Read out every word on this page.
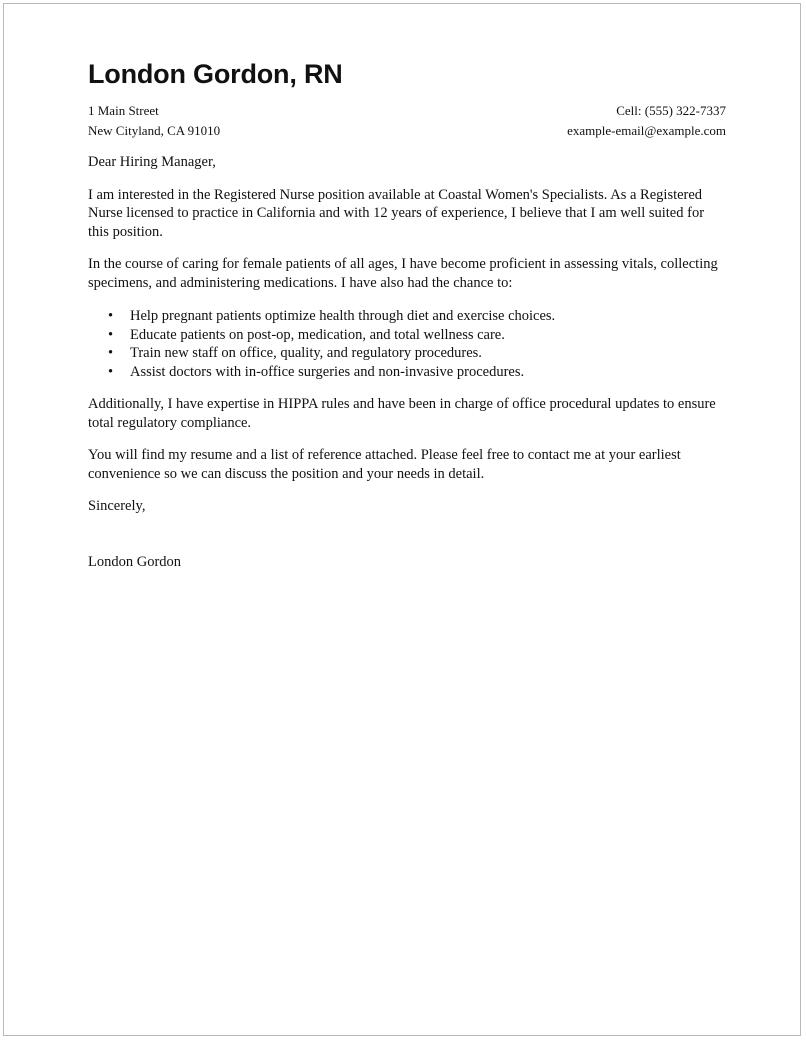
London Gordon, RN
1 Main Street	Cell: (555) 322-7337
New Cityland, CA 91010	example-email@example.com

Dear Hiring Manager,

I am interested in the Registered Nurse position available at Coastal Women's Specialists. As a Registered Nurse licensed to practice in California and with 12 years of experience, I believe that I am well suited for this position.

In the course of caring for female patients of all ages, I have become proficient in assessing vitals, collecting specimens, and administering medications. I have also had the chance to:

• Help pregnant patients optimize health through diet and exercise choices.
• Educate patients on post-op, medication, and total wellness care.
• Train new staff on office, quality, and regulatory procedures.
• Assist doctors with in-office surgeries and non-invasive procedures.

Additionally, I have expertise in HIPPA rules and have been in charge of office procedural updates to ensure total regulatory compliance.

You will find my resume and a list of reference attached. Please feel free to contact me at your earliest convenience so we can discuss the position and your needs in detail.

Sincerely,

London Gordon
